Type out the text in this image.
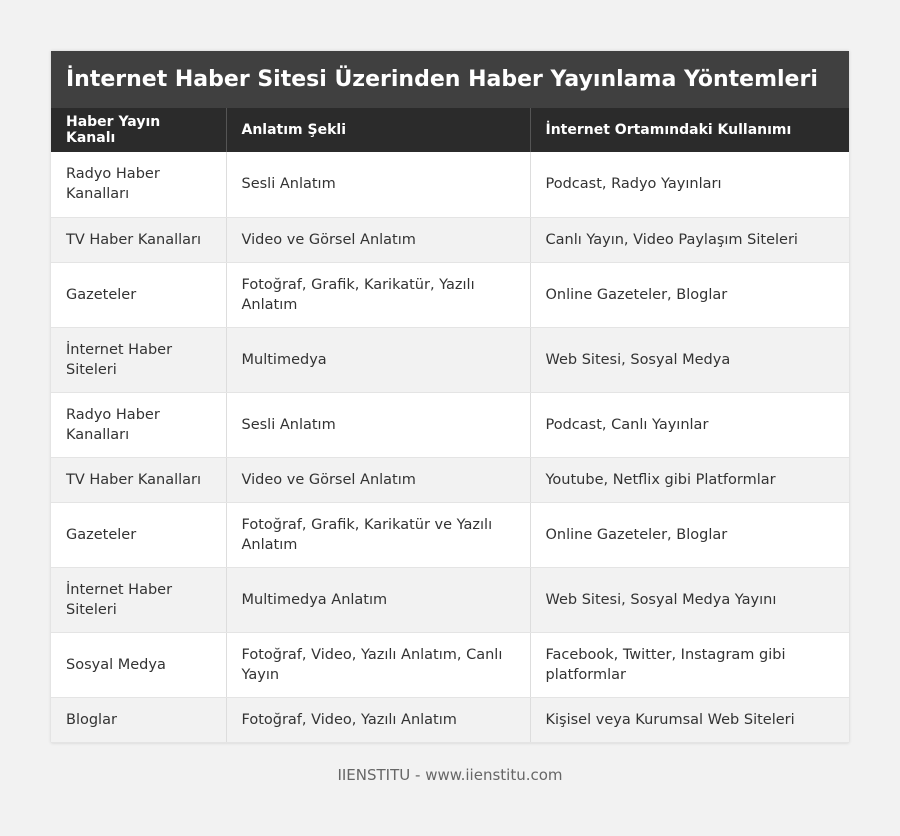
İnternet Haber Sitesi Üzerinden Haber Yayınlama Yöntemleri
Haber Yayın Kanalı	Anlatım Şekli	İnternet Ortamındaki Kullanımı
Radyo Haber Kanalları	Sesli Anlatım	Podcast, Radyo Yayınları
TV Haber Kanalları	Video ve Görsel Anlatım	Canlı Yayın, Video Paylaşım Siteleri
Gazeteler	Fotoğraf, Grafik, Karikatür, Yazılı Anlatım	Online Gazeteler, Bloglar
İnternet Haber Siteleri	Multimedya	Web Sitesi, Sosyal Medya
Radyo Haber Kanalları	Sesli Anlatım	Podcast, Canlı Yayınlar
TV Haber Kanalları	Video ve Görsel Anlatım	Youtube, Netflix gibi Platformlar
Gazeteler	Fotoğraf, Grafik, Karikatür ve Yazılı Anlatım	Online Gazeteler, Bloglar
İnternet Haber Siteleri	Multimedya Anlatım	Web Sitesi, Sosyal Medya Yayını
Sosyal Medya	Fotoğraf, Video, Yazılı Anlatım, Canlı Yayın	Facebook, Twitter, Instagram gibi platformlar
Bloglar	Fotoğraf, Video, Yazılı Anlatım	Kişisel veya Kurumsal Web Siteleri
IIENSTITU - www.iienstitu.com
